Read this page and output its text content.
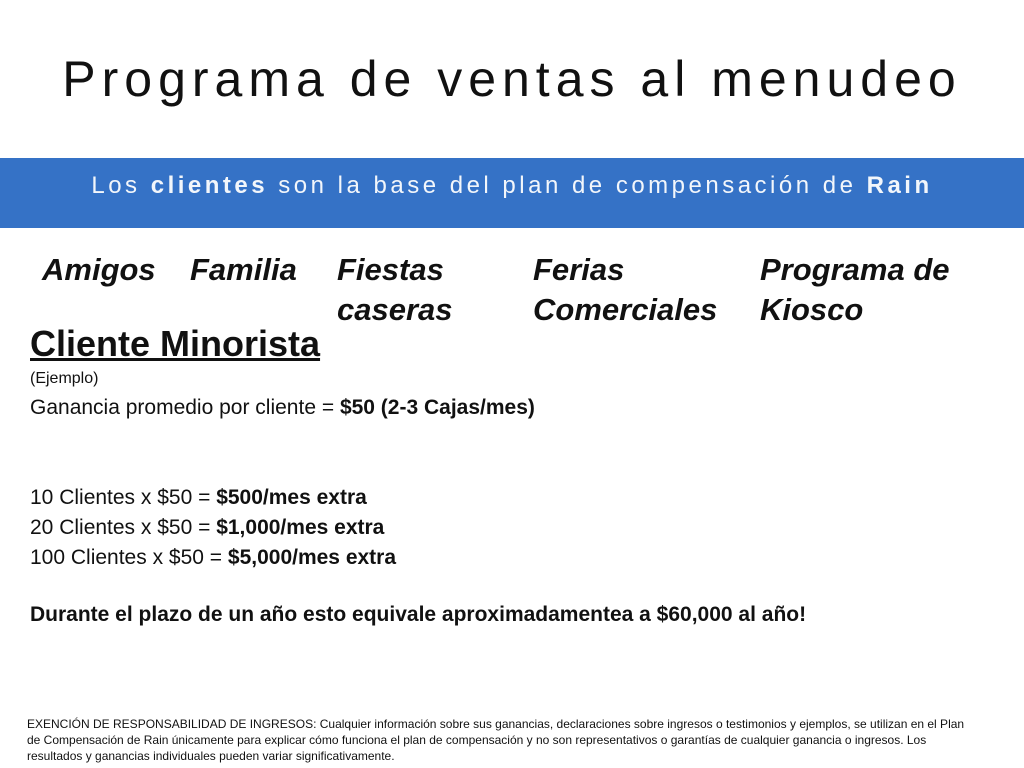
Programa de ventas al menudeo
Los clientes son la base del plan de compensación de Rain
Amigos Familia Fiestas
caseras
Ferias
Comerciales
Programa de
Kiosco
Cliente Minorista
(Ejemplo)
Ganancia promedio por cliente = $50 (2-3 Cajas/mes)
10 Clientes x $50 = $500/mes extra
20 Clientes x $50 = $1,000/mes extra
100 Clientes x $50 = $5,000/mes extra
Durante el plazo de un año esto equivale aproximadamentea a $60,000 al año!
EXENCIÓN DE RESPONSABILIDAD DE INGRESOS: Cualquier información sobre sus ganancias, declaraciones sobre ingresos o testimonios y ejemplos, se utilizan en el Plan de Compensación de Rain únicamente para explicar cómo funciona el plan de compensación y no son representativos o garantías de cualquier ganancia o ingresos. Los resultados y ganancias individuales pueden variar significativamente.
